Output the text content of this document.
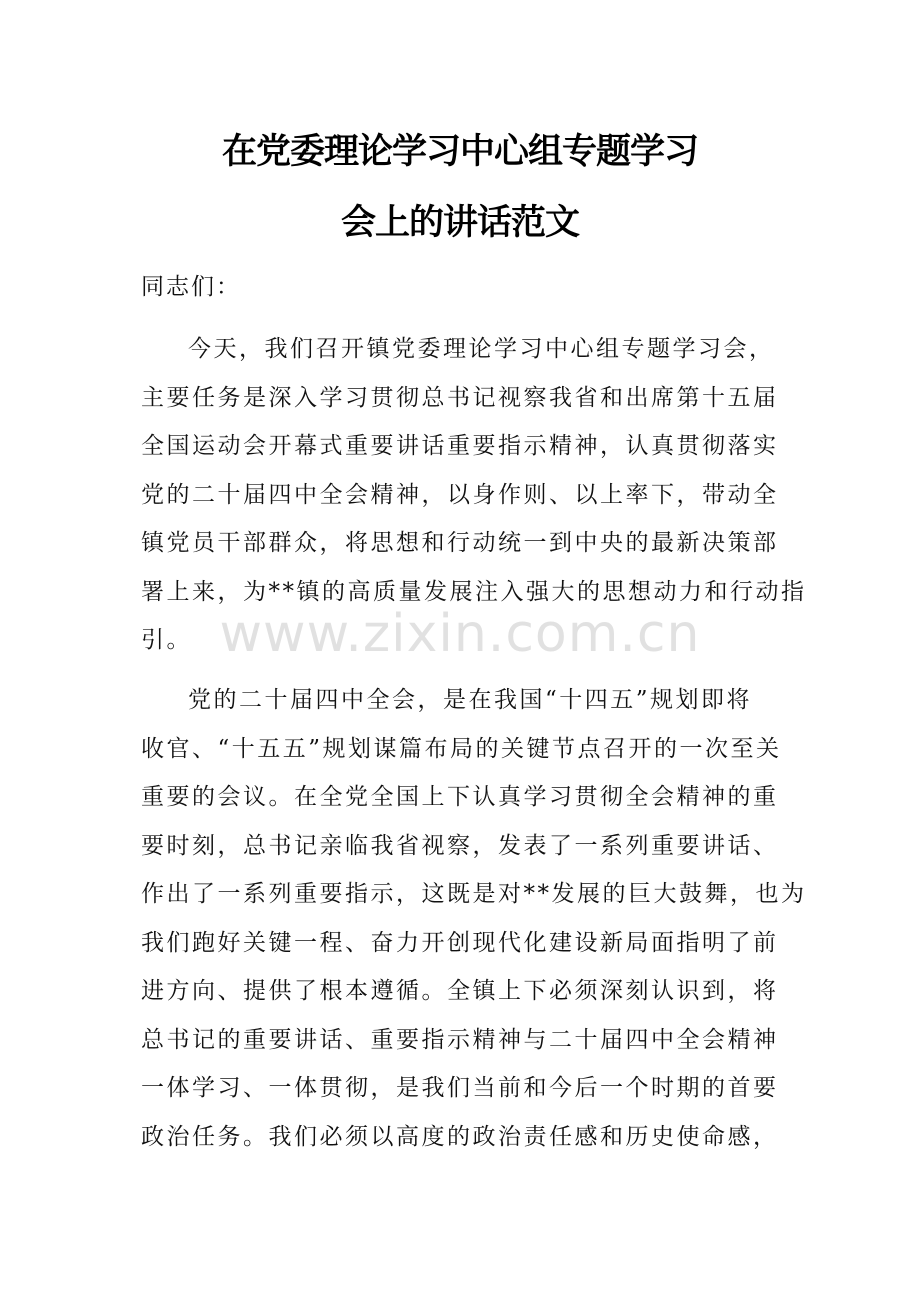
在党委理论学习中心组专题学习
会上的讲话范文
同志们：
今天，我们召开镇党委理论学习中心组专题学习会，
主要任务是深入学习贯彻总书记视察我省和出席第十五届
全国运动会开幕式重要讲话重要指示精神，认真贯彻落实
党的二十届四中全会精神，以身作则、以上率下，带动全
镇党员干部群众，将思想和行动统一到中央的最新决策部
署上来，为**镇的高质量发展注入强大的思想动力和行动指
引。
党的二十届四中全会，是在我国“十四五”规划即将
收官、“十五五”规划谋篇布局的关键节点召开的一次至关
重要的会议。在全党全国上下认真学习贯彻全会精神的重
要时刻，总书记亲临我省视察，发表了一系列重要讲话、
作出了一系列重要指示，这既是对**发展的巨大鼓舞，也为
我们跑好关键一程、奋力开创现代化建设新局面指明了前
进方向、提供了根本遵循。全镇上下必须深刻认识到，将
总书记的重要讲话、重要指示精神与二十届四中全会精神
一体学习、一体贯彻，是我们当前和今后一个时期的首要
政治任务。我们必须以高度的政治责任感和历史使命感，
www.zixin.com.cn
